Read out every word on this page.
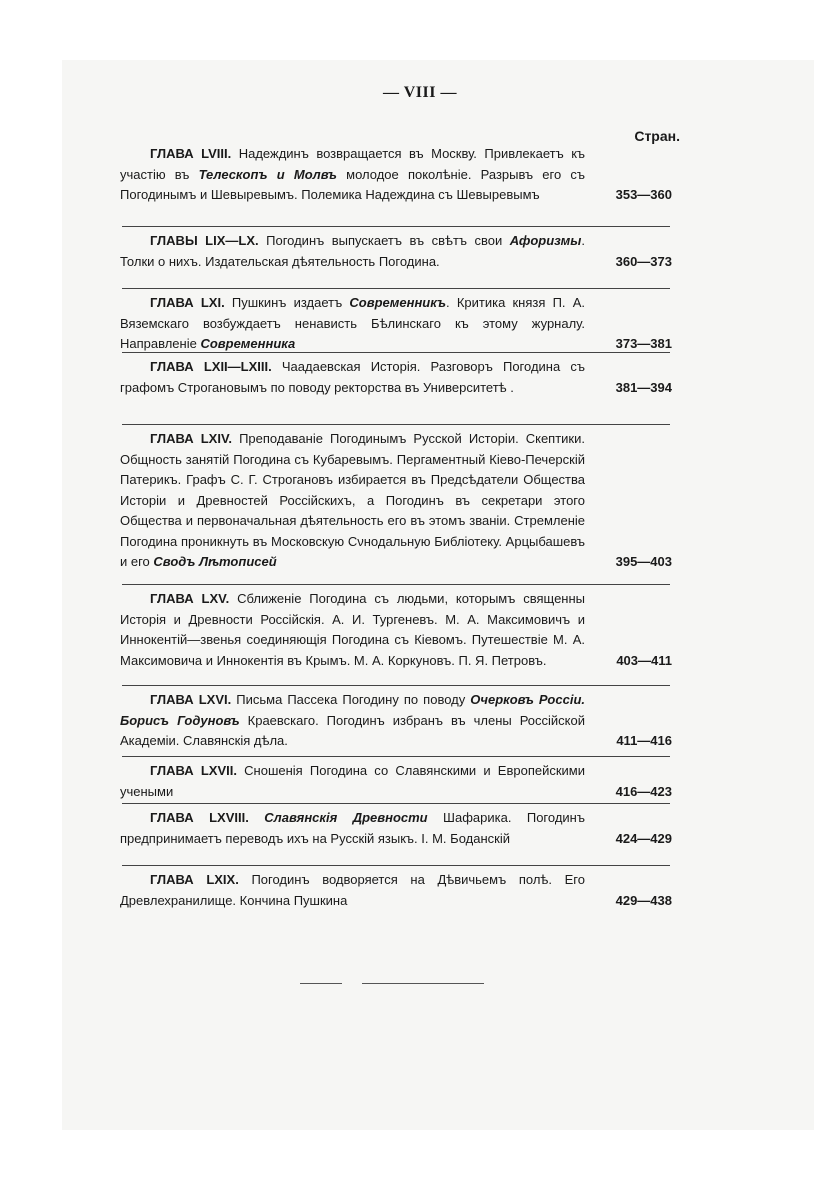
— VIII —
Стран.
ГЛАВА LVIII. Надеждинъ возвращается въ Москву. Привлекаетъ къ участію въ Телескопъ и Молвъ молодое поколѣніе. Разрывъ его съ Погодинымъ и Шевыревымъ. Полемика Надеждина съ Шевыревымъ	353—360
ГЛАВЫ LIX—LX. Погодинъ выпускаетъ въ свѣтъ свои Афоризмы. Толки о нихъ. Издательская дѣятельность Погодина.	360—373
ГЛАВА LXI. Пушкинъ издаетъ Современникъ. Критика князя П. А. Вяземскаго возбуждаетъ ненависть Бѣлинскаго къ этому журналу. Направленіе Современника	373—381
ГЛАВА LXII—LXIII. Чаадаевская Исторія. Разговоръ Погодина съ графомъ Строгановымъ по поводу ректорства въ Университетѣ .	381—394
ГЛАВА LXIV. Преподаваніе Погодинымъ Русской Исторіи. Скептики. Общность занятій Погодина съ Кубаревымъ. Пергаментный Кіево-Печерскій Патерикъ. Графъ С. Г. Строгановъ избирается въ Предсѣдатели Общества Исторіи и Древностей Россійскихъ, а Погодинъ въ секретари этого Общества и первоначальная дѣятельность его въ этомъ званіи. Стремленіе Погодина проникнуть въ Московскую Сνнодальную Библіотеку. Арцыбашевъ и его Сводъ Лѣтописей	395—403
ГЛАВА LXV. Сближеніе Погодина съ людьми, которымъ священны Исторія и Древности Россійскія. А. И. Тургеневъ. М. А. Максимовичъ и Иннокентій—звенья соединяющія Погодина съ Кіевомъ. Путешествіе М. А. Максимовича и Иннокентія въ Крымъ. М. А. Коркуновъ. П. Я. Петровъ.	403—411
ГЛАВА LXVI. Письма Пассека Погодину по поводу Очерковъ Россіи. Борисъ Годуновъ Краевскаго. Погодинъ избранъ въ члены Россійской Академіи. Славянскія дѣла.	411—416
ГЛАВА LXVII. Сношенія Погодина со Славянскими и Европейскими учеными	416—423
ГЛАВА LXVIII. Славянскія Древности Шафарика. Погодинъ предпринимаетъ переводъ ихъ на Русскій языкъ. I. М. Боданскій	424—429
ГЛАВА LXIX. Погодинъ водворяется на Дѣвичьемъ полѣ. Его Древлехранилище. Кончина Пушкина	429—438
